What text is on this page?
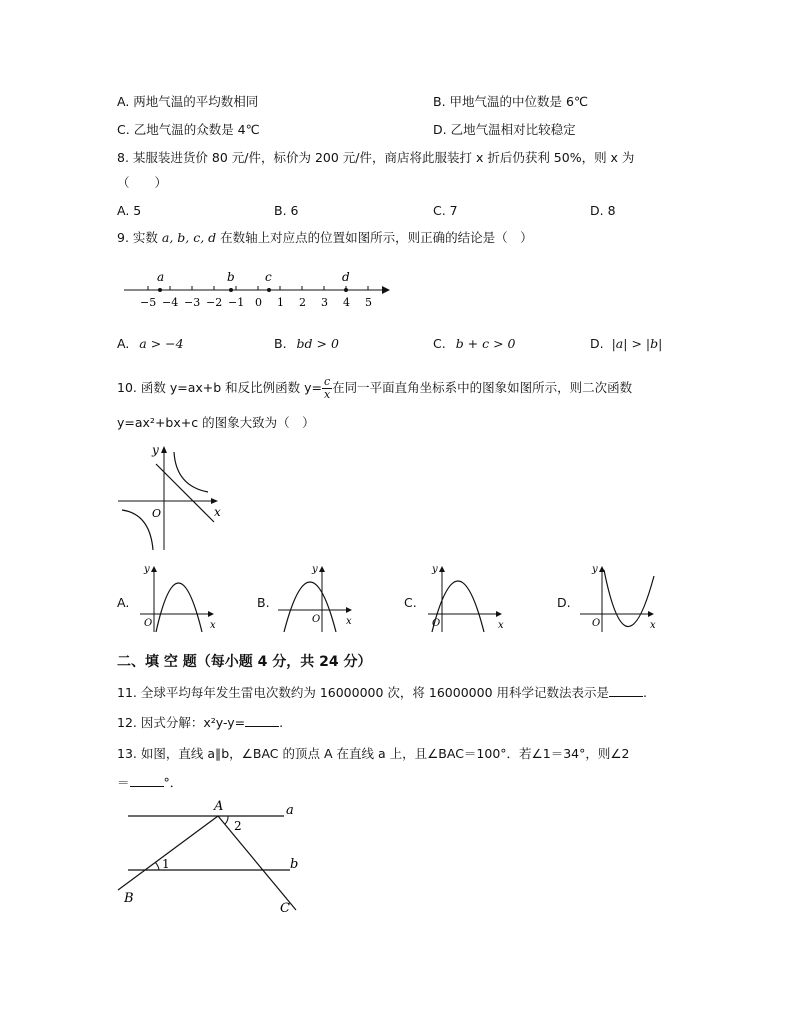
A. 两地气温的平均数相同	B. 甲地气温的中位数是 6℃
C. 乙地气温的众数是 4℃	D. 乙地气温相对比较稳定
8. 某服装进货价 80 元/件，标价为 200 元/件，商店将此服装打 x 折后仍获利 50%，则 x 为
（　　）
A. 5	B. 6	C. 7	D. 8
9. 实数 a, b, c, d 在数轴上对应点的位置如图所示，则正确的结论是（　）
a	b	c	d
−5 −4 −3 −2 −1 0 1 2 3 4 5
A. a > −4	B. bd > 0	C. b + c > 0	D. |a| > |b|
10. 函数 y=ax+b 和反比例函数 $y= \frac{c}{x}$ 在同一平面直角坐标系中的图象如图所示，则二次函数
y=ax²+bx+c 的图象大致为（　）
y
x
O
A.
y
x
O
B.
y
x
O
C.
y
x
O
D.
y
x
O
二、填 空 题（每小题 4 分，共 24 分）
11. 全球平均每年发生雷电次数约为 16000000 次，将 16000000 用科学记数法表示是	.
12. 因式分解：x²y-y=	.
13. 如图，直线 a∥b，∠BAC 的顶点 A 在直线 a 上，且∠BAC＝100°．若∠1＝34°，则∠2
＝	°．
A
B
C
a
b
1
2
